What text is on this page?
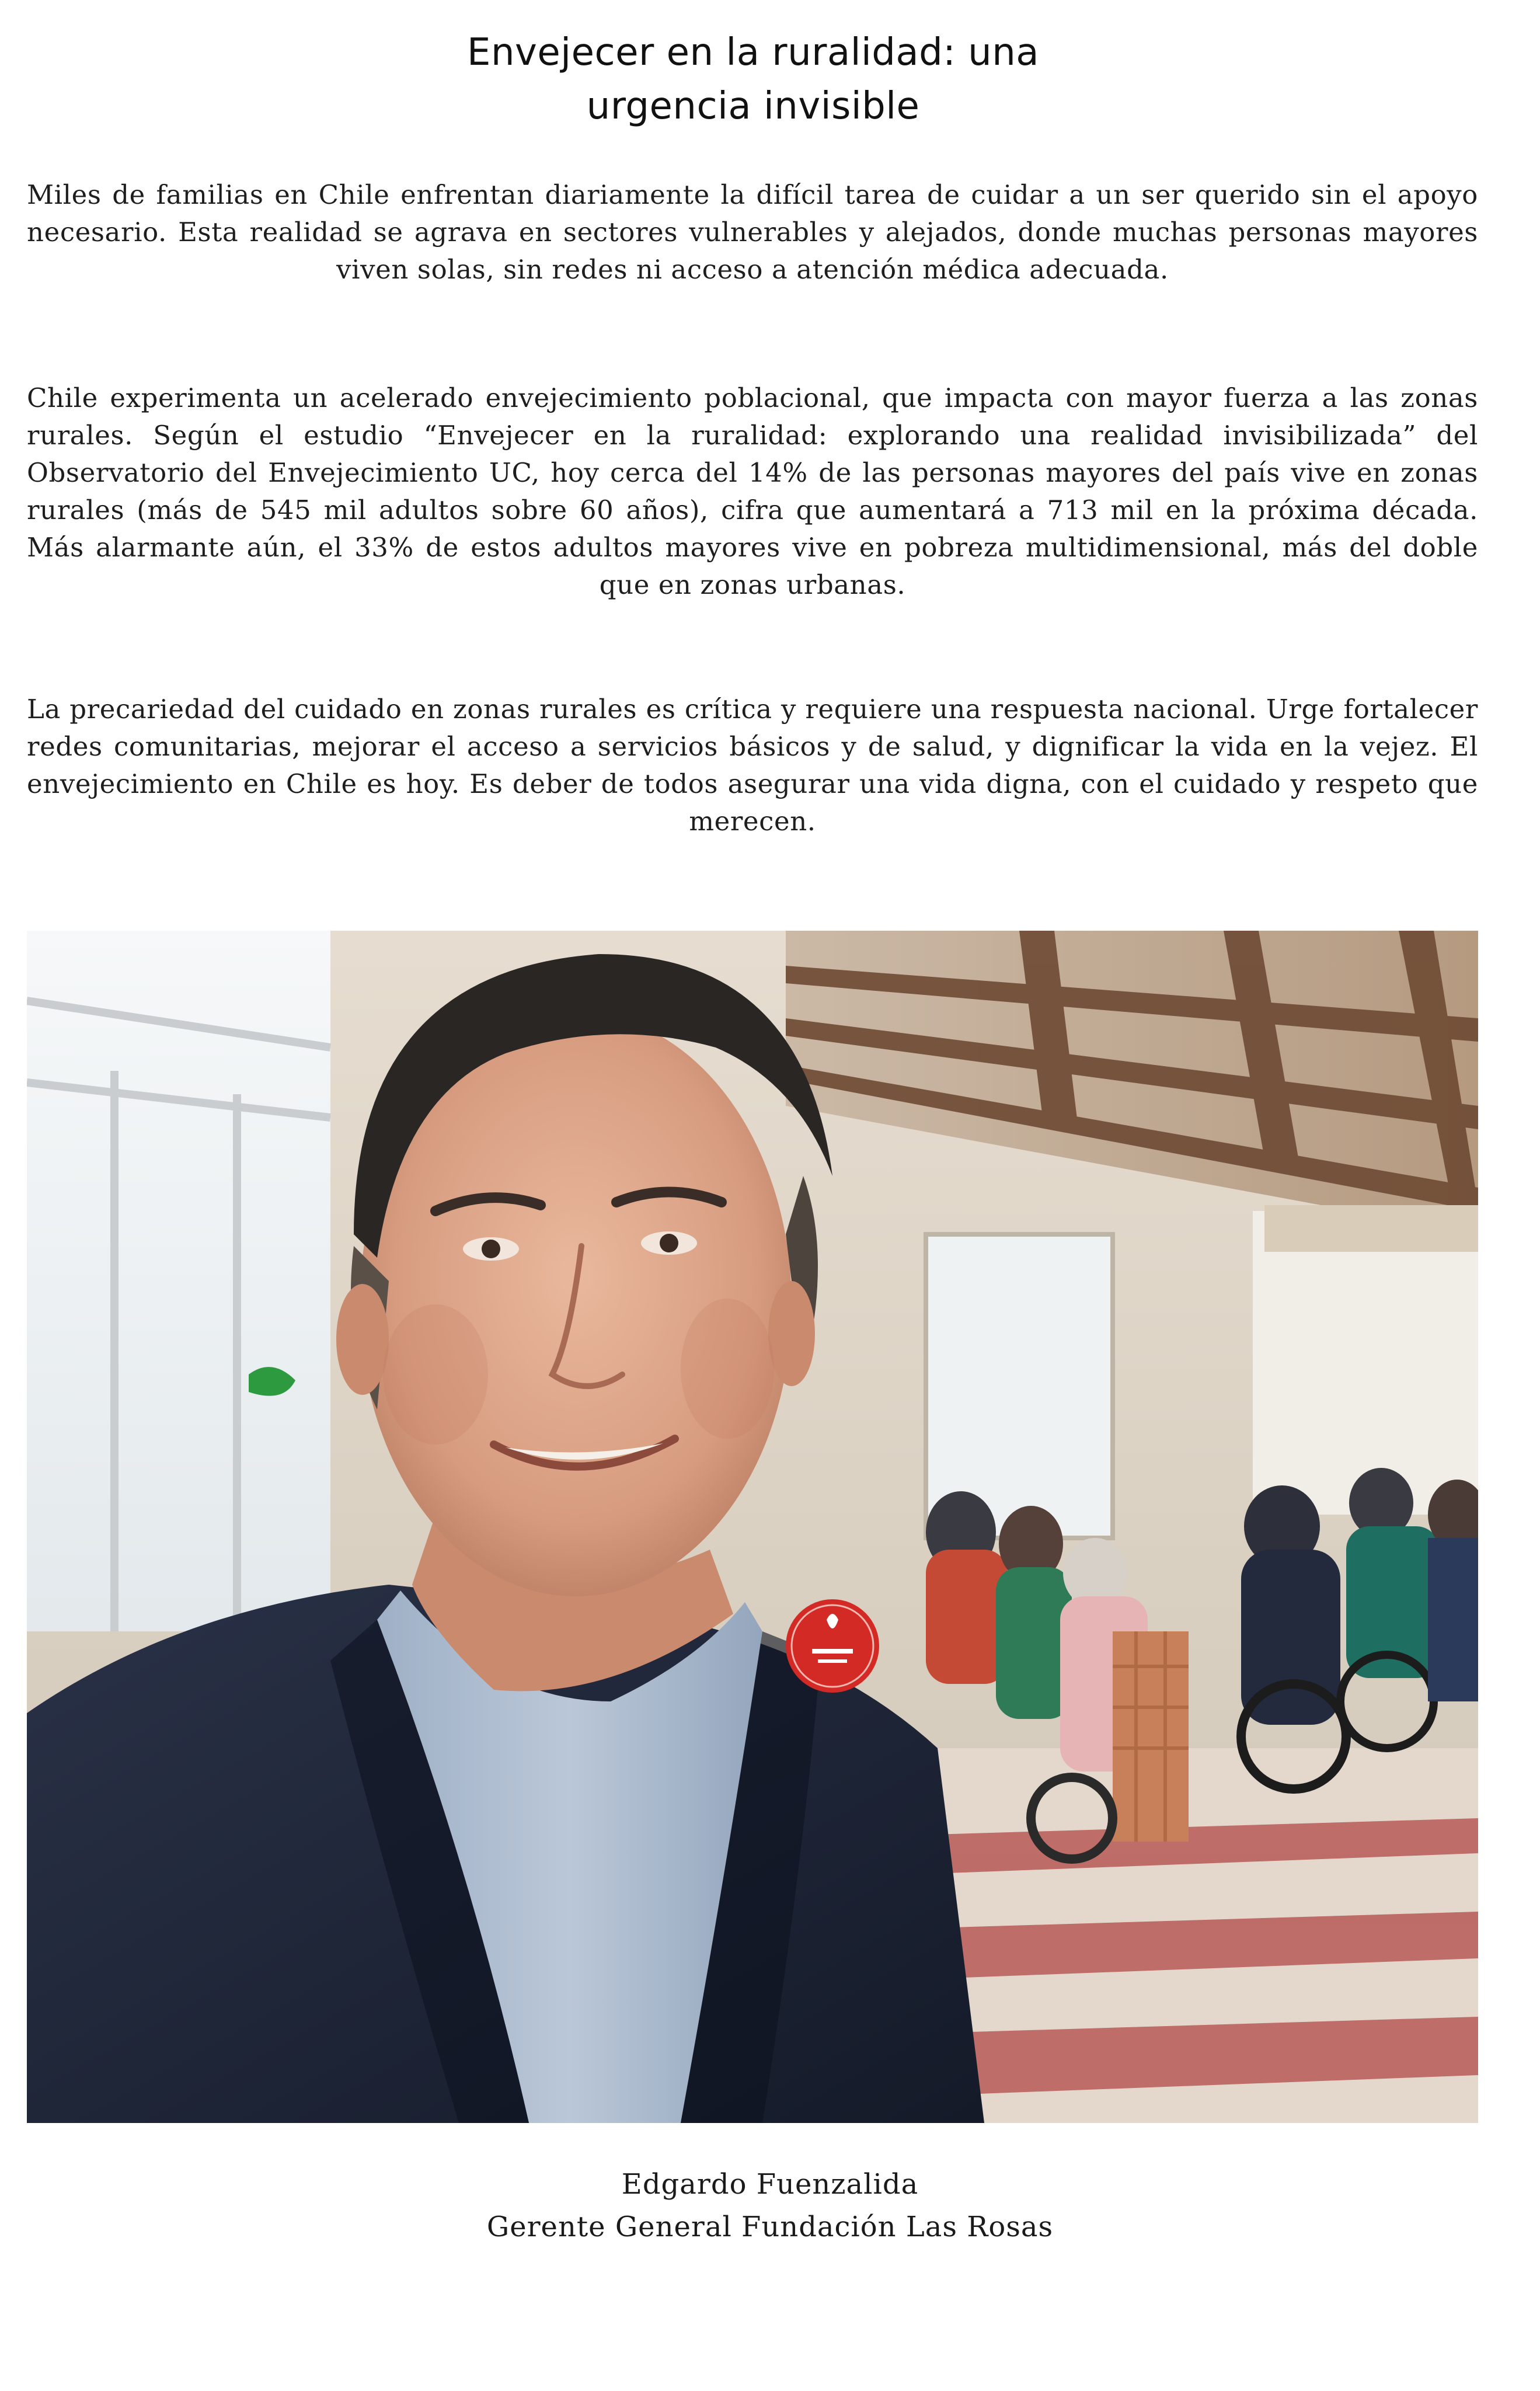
Envejecer en la ruralidad: una
urgencia invisible

Miles de familias en Chile enfrentan diariamente la difícil tarea de cuidar a un ser querido sin el apoyo necesario. Esta realidad se agrava en sectores vulnerables y alejados, donde muchas personas mayores viven solas, sin redes ni acceso a atención médica adecuada.

Chile experimenta un acelerado envejecimiento poblacional, que impacta con mayor fuerza a las zonas rurales. Según el estudio “Envejecer en la ruralidad: explorando una realidad invisibilizada” del Observatorio del Envejecimiento UC, hoy cerca del 14% de las personas mayores del país vive en zonas rurales (más de 545 mil adultos sobre 60 años), cifra que aumentará a 713 mil en la próxima década. Más alarmante aún, el 33% de estos adultos mayores vive en pobreza multidimensional, más del doble que en zonas urbanas.

La precariedad del cuidado en zonas rurales es crítica y requiere una respuesta nacional. Urge fortalecer redes comunitarias, mejorar el acceso a servicios básicos y de salud, y dignificar la vida en la vejez. El envejecimiento en Chile es hoy. Es deber de todos asegurar una vida digna, con el cuidado y respeto que merecen.

Edgardo Fuenzalida
Gerente General Fundación Las Rosas
